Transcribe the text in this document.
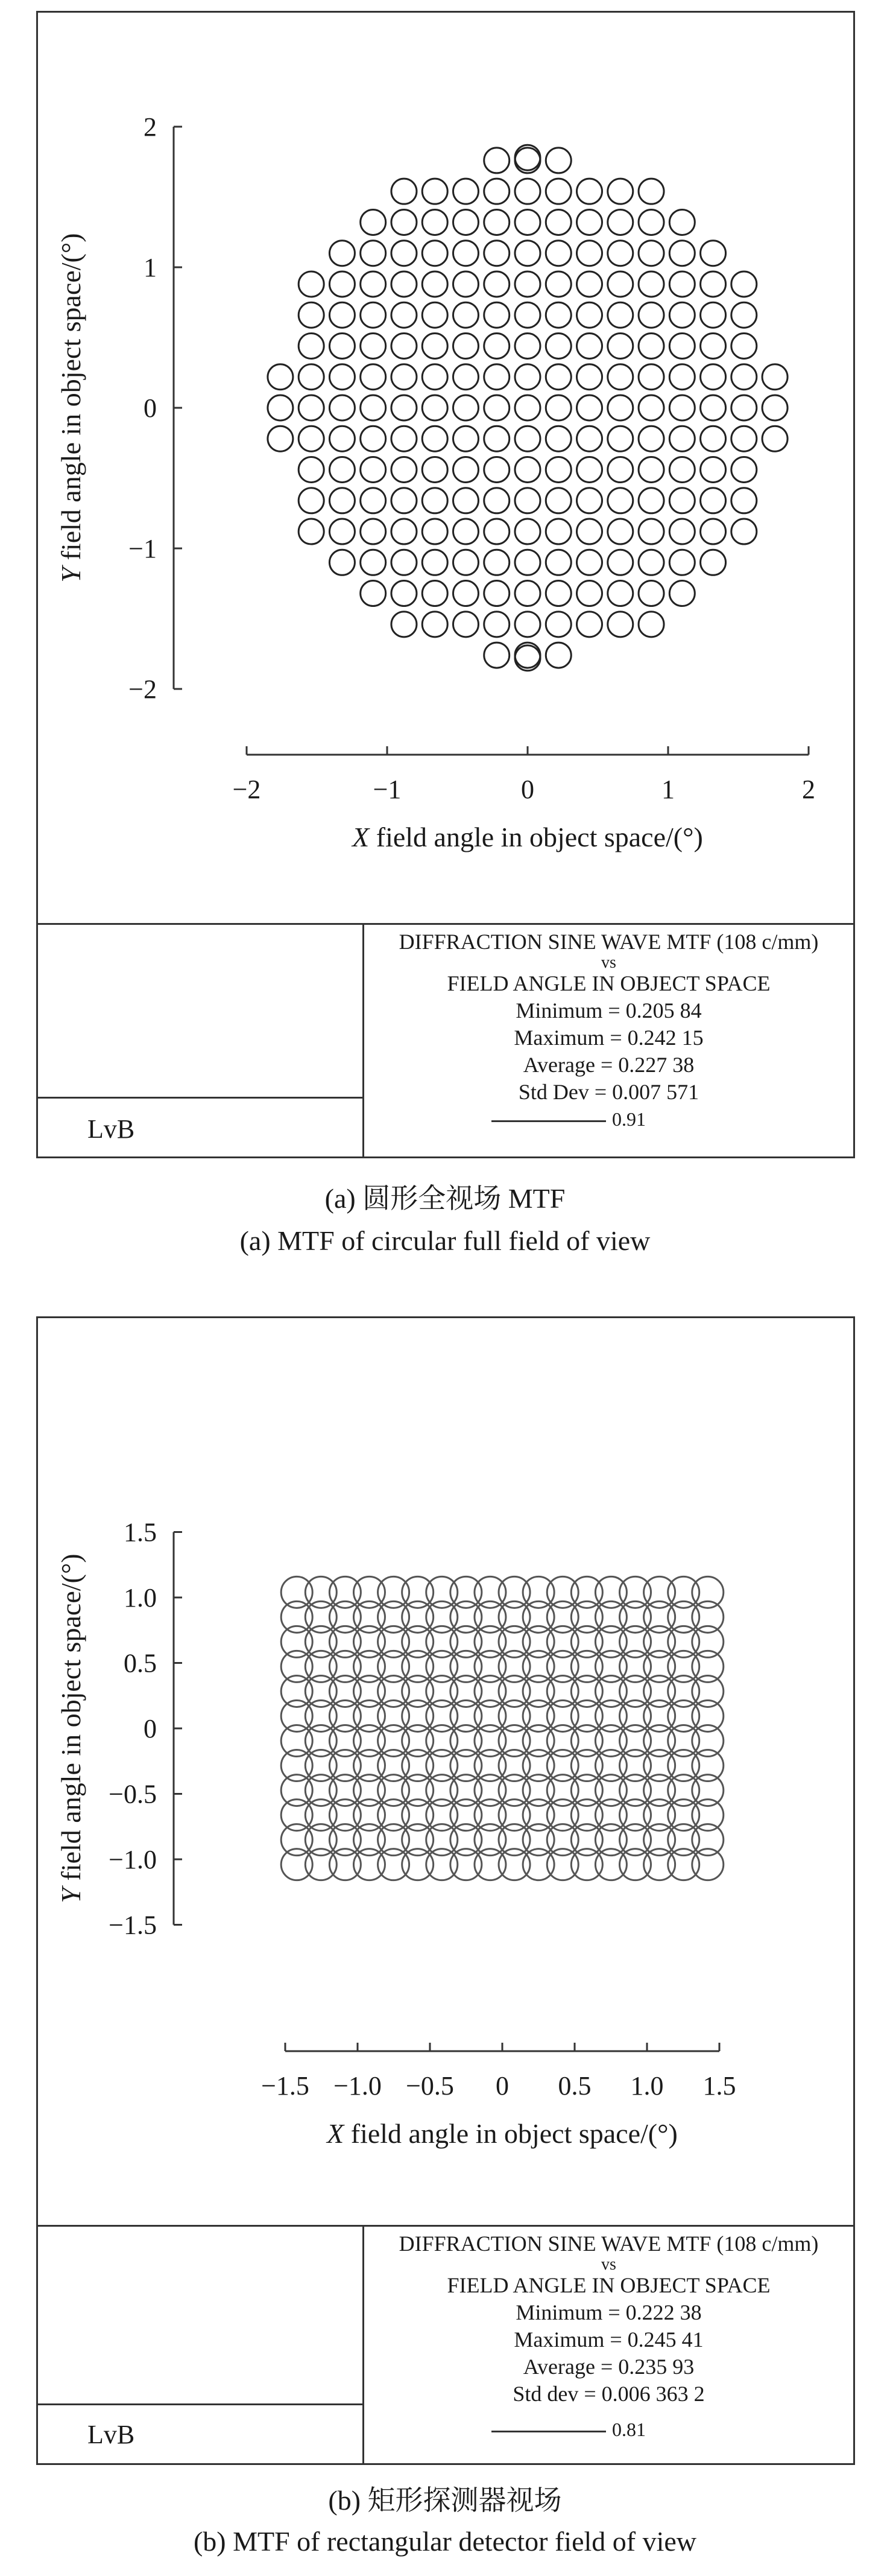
−2
−1
0
1
2
−2	−1	0	1	2
X field angle in object space/(°)
Y field angle in object space/(°)
LvB
DIFFRACTION SINE WAVE MTF (108 c/mm)
vs
FIELD ANGLE IN OBJECT SPACE
Minimum = 0.205 84
Maximum = 0.242 15
Average = 0.227 38
Std Dev = 0.007 571
0.91
(a) 圆形全视场 MTF
(a) MTF of circular full field of view
−1.5
−1.0
−0.5
0
0.5
1.0
1.5
−1.5 −1.0 −0.5 0 0.5 1.0 1.5
X field angle in object space/(°)
Y field angle in object space/(°)
LvB
DIFFRACTION SINE WAVE MTF (108 c/mm)
vs
FIELD ANGLE IN OBJECT SPACE
Minimum = 0.222 38
Maximum = 0.245 41
Average = 0.235 93
Std dev = 0.006 363 2
0.81
(b) 矩形探测器视场
(b) MTF of rectangular detector field of view
